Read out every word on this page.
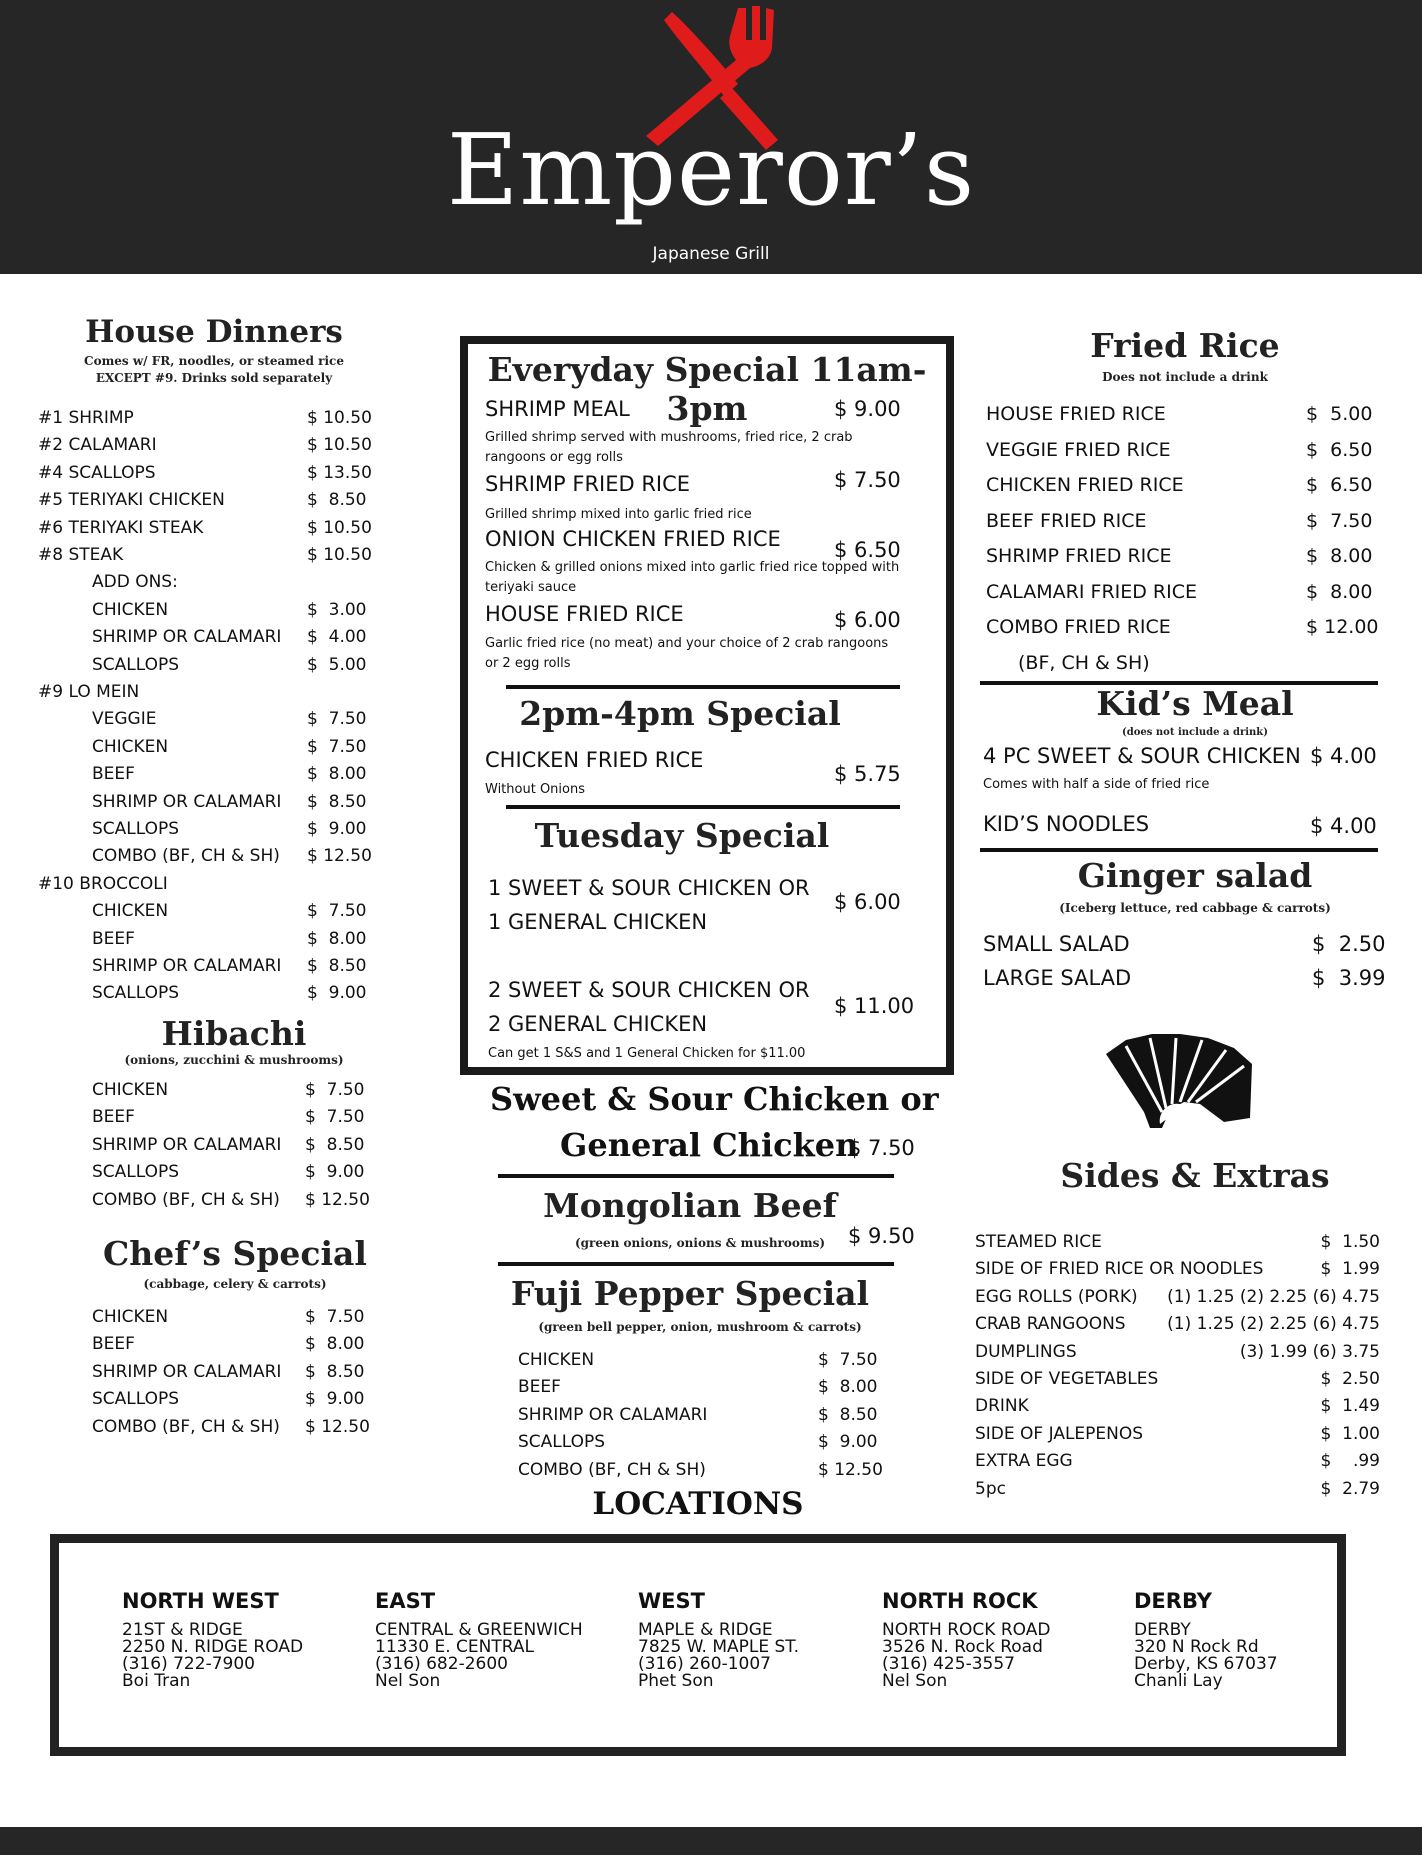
Emperor’s
Japanese Grill
House Dinners
Comes w/ FR, noodles, or steamed rice
EXCEPT #9. Drinks sold separately
#1 SHRIMP	$ 10.50
#2 CALAMARI	$ 10.50
#4 SCALLOPS	$ 13.50
#5 TERIYAKI CHICKEN	$  8.50
#6 TERIYAKI STEAK	$ 10.50
#8 STEAK	$ 10.50
ADD ONS:
CHICKEN	$  3.00
SHRIMP OR CALAMARI $  4.00
SCALLOPS	$  5.00
#9 LO MEIN
VEGGIE	$  7.50
CHICKEN	$  7.50
BEEF	$  8.00
SHRIMP OR CALAMARI $  8.50
SCALLOPS	$  9.00
COMBO (BF, CH & SH) $ 12.50
#10 BROCCOLI
CHICKEN	$  7.50
BEEF	$  8.00
SHRIMP OR CALAMARI $  8.50
SCALLOPS	$  9.00
Hibachi
(onions, zucchini & mushrooms)
CHICKEN	$  7.50
BEEF	$  7.50
SHRIMP OR CALAMARI $  8.50
SCALLOPS	$  9.00
COMBO (BF, CH & SH) $ 12.50
Chef’s Special
(cabbage, celery & carrots)
CHICKEN	$  7.50
BEEF	$  8.00
SHRIMP OR CALAMARI $  8.50
SCALLOPS	$  9.00
COMBO (BF, CH & SH) $ 12.50
Everyday Special 11am-3pm
SHRIMP MEAL	$ 9.00
Grilled shrimp served with mushrooms, fried rice, 2 crab rangoons or egg rolls
SHRIMP FRIED RICE	$ 7.50
Grilled shrimp mixed into garlic fried rice
ONION CHICKEN FRIED RICE	$ 6.50
Chicken & grilled onions mixed into garlic fried rice topped with teriyaki sauce
HOUSE FRIED RICE	$ 6.00
Garlic fried rice (no meat) and your choice of 2 crab rangoons or 2 egg rolls
2pm-4pm Special
CHICKEN FRIED RICE
Without Onions
$ 5.75
Tuesday Special
1 SWEET & SOUR CHICKEN OR
1 GENERAL CHICKEN
$ 6.00
2 SWEET & SOUR CHICKEN OR
2 GENERAL CHICKEN
$ 11.00
Can get 1 S&S and 1 General Chicken for $11.00
Sweet & Sour Chicken or
General Chicken
$ 7.50
Mongolian Beef
(green onions, onions & mushrooms)	$ 9.50
Fuji Pepper Special
(green bell pepper, onion, mushroom & carrots)
CHICKEN	$  7.50
BEEF	$  8.00
SHRIMP OR CALAMARI	$  8.50
SCALLOPS	$  9.00
COMBO (BF, CH & SH)	$ 12.50
LOCATIONS
Fried Rice
Does not include a drink
HOUSE FRIED RICE	$  5.00
VEGGIE FRIED RICE	$  6.50
CHICKEN FRIED RICE	$  6.50
BEEF FRIED RICE	$  7.50
SHRIMP FRIED RICE	$  8.00
CALAMARI FRIED RICE	$  8.00
COMBO FRIED RICE	$ 12.00
(BF, CH & SH)
Kid’s Meal
(does not include a drink)
4 PC SWEET & SOUR CHICKEN $ 4.00
Comes with half a side of fried rice
KID’S NOODLES	$ 4.00
Ginger salad
(Iceberg lettuce, red cabbage & carrots)
SMALL SALAD	$  2.50
LARGE SALAD	$  3.99
Sides & Extras
STEAMED RICE	$  1.50
SIDE OF FRIED RICE OR NOODLES	$  1.99
EGG ROLLS (PORK) (1) 1.25 (2) 2.25 (6) 4.75
CRAB RANGOONS (1) 1.25 (2) 2.25 (6) 4.75
DUMPLINGS	(3) 1.99 (6) 3.75
SIDE OF VEGETABLES	$  2.50
DRINK	$  1.49
SIDE OF JALEPENOS	$  1.00
EXTRA EGG	$    .99
5pc	$  2.79
NORTH WEST
21ST & RIDGE
2250 N. RIDGE ROAD
(316) 722-7900
Boi Tran
EAST
CENTRAL & GREENWICH
11330 E. CENTRAL
(316) 682-2600
Nel Son
WEST
MAPLE & RIDGE
7825 W. MAPLE ST.
(316) 260-1007
Phet Son
NORTH ROCK
NORTH ROCK ROAD
3526 N. Rock Road
(316) 425-3557
Nel Son
DERBY
DERBY
320 N Rock Rd
Derby, KS 67037
Chanli Lay
